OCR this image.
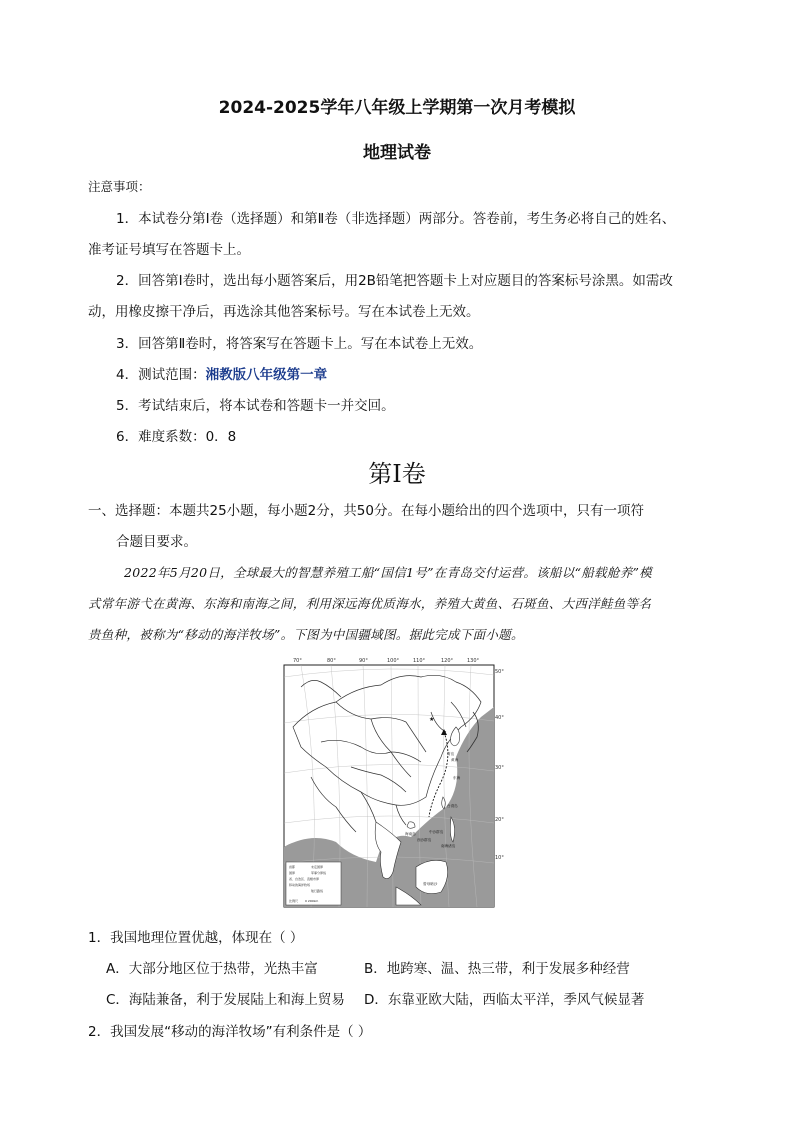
2024-2025学年八年级上学期第一次月考模拟
地理试卷
注意事项：
1．本试卷分第Ⅰ卷（选择题）和第Ⅱ卷（非选择题）两部分。答卷前，考生务必将自己的姓名、
准考证号填写在答题卡上。
2．回答第Ⅰ卷时，选出每小题答案后，用2B铅笔把答题卡上对应题目的答案标号涂黑。如需改
动，用橡皮擦干净后，再选涂其他答案标号。写在本试卷上无效。
3．回答第Ⅱ卷时，将答案写在答题卡上。写在本试卷上无效。
4．测试范围：湘教版八年级第一章
5．考试结束后，将本试卷和答题卡一并交回。
6．难度系数：0．8
第Ⅰ卷
一、选择题：本题共25小题，每小题2分，共50分。在每小题给出的四个选项中，只有一项符
合题目要求。
2022年5月20日，全球最大的智慧养殖工船“国信1号”在青岛交付运营。该船以“船载舱养”模
式常年游弋在黄海、东海和南海之间，利用深远海优质海水，养殖大黄鱼、石斑鱼、大西洋鲑鱼等名
贵鱼种，被称为“移动的海洋牧场”。下图为中国疆域图。据此完成下面小题。
70°	80°	90°	100°	110°	120°	130°
50°
40°
30°
20°
10°
★
青岛
黄海
东海
台湾岛
中沙群岛
西沙群岛
南海诸岛
海南岛
曾母暗沙
首都	未定国界
国界	军事分界线
省、自治区、直辖市界
移动的海洋牧场
航行路线
比例尺 0 200km
1．我国地理位置优越，体现在（ ）
A．大部分地区位于热带，光热丰富	B．地跨寒、温、热三带，利于发展多种经营
C．海陆兼备，利于发展陆上和海上贸易 D．东靠亚欧大陆，西临太平洋，季风气候显著
2．我国发展“移动的海洋牧场”有利条件是（ ）
